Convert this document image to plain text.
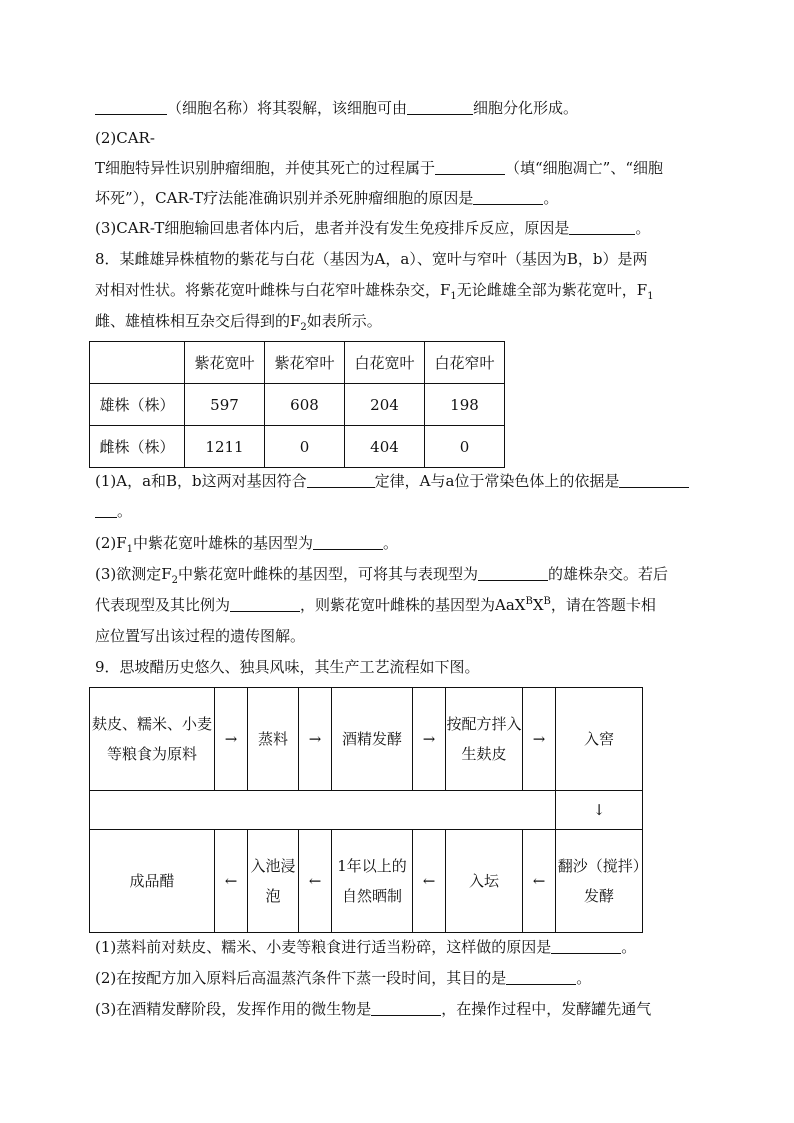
（细胞名称）将其裂解，该细胞可由	细胞分化形成。
(2)CAR-
T细胞特异性识别肿瘤细胞，并使其死亡的过程属于	（填“细胞凋亡”、“细胞
坏死”），CAR-T疗法能准确识别并杀死肿瘤细胞的原因是	。
(3)CAR-T细胞输回患者体内后，患者并没有发生免疫排斥反应，原因是	。
8．某雌雄异株植物的紫花与白花（基因为A，a）、宽叶与窄叶（基因为B，b）是两
对相对性状。将紫花宽叶雌株与白花窄叶雄株杂交，$F_1$无论雌雄全部为紫花宽叶，$F_1$
雌、雄植株相互杂交后得到的$F_2$如表所示。
	紫花宽叶	紫花窄叶	白花宽叶	白花窄叶
雄株（株）	597	608	204	198
雌株（株）	1211	0	404	0
(1)A，a和B，b这两对基因符合	定律，A与a位于常染色体上的依据是
。
$(2)F_1$中紫花宽叶雄株的基因型为	。
(3)欲测定$F_2$中紫花宽叶雌株的基因型，可将其与表现型为	的雄株杂交。若后
代表现型及其比例为	，则紫花宽叶雌株的基因型为$AaX^BX^B$，请在答题卡相
应位置写出该过程的遗传图解。
9．思坡醋历史悠久、独具风味，其生产工艺流程如下图。
麸皮、糯米、小麦等粮食为原料	→	蒸料	→	酒精发酵	→	按配方拌入生麸皮	→	入窖
								↓
成品醋	←	入池浸泡	←	1年以上的自然晒制	←	入坛	←	翻沙（搅拌）发酵
(1)蒸料前对麸皮、糯米、小麦等粮食进行适当粉碎，这样做的原因是	。
(2)在按配方加入原料后高温蒸汽条件下蒸一段时间，其目的是	。
(3)在酒精发酵阶段，发挥作用的微生物是	，在操作过程中，发酵罐先通气
